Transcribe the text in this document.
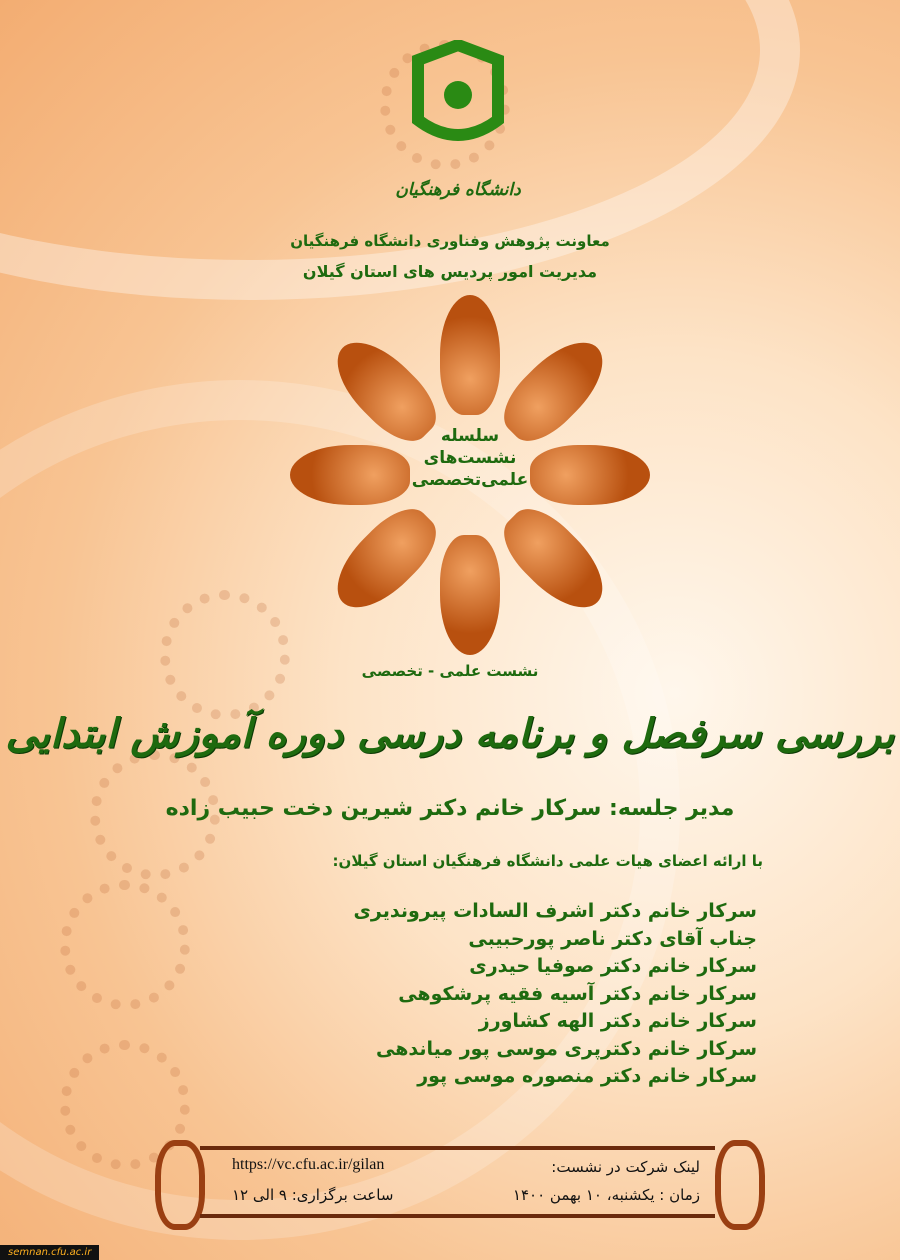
دانشگاه فرهنگیان
معاونت پژوهش وفناوری دانشگاه فرهنگیان
مدیریت امور پردیس های استان گیلان
سلسله
نشست‌های
علمی‌تخصصی
نشست علمی - تخصصی
بررسی سرفصل و برنامه درسی دوره آموزش ابتدایی
مدیر جلسه: سرکار خانم دکتر شیرین دخت حبیب زاده
با ارائه اعضای هیات علمی دانشگاه فرهنگیان استان گیلان:
سرکار خانم دکتر اشرف السادات پیروندیری
جناب آقای دکتر ناصر پورحبیبی
سرکار خانم دکتر صوفیا حیدری
سرکار خانم دکتر آسیه فقیه پرشکوهی
سرکار خانم دکتر الهه کشاورز
سرکار خانم دکترپری موسی پور میاندهی
سرکار خانم دکتر منصوره موسی پور
لینک شرکت در نشست:
https://vc.cfu.ac.ir/gilan
زمان : یکشنبه، ۱۰ بهمن ۱۴۰۰
ساعت برگزاری: ۹ الی ۱۲
semnan.cfu.ac.ir
